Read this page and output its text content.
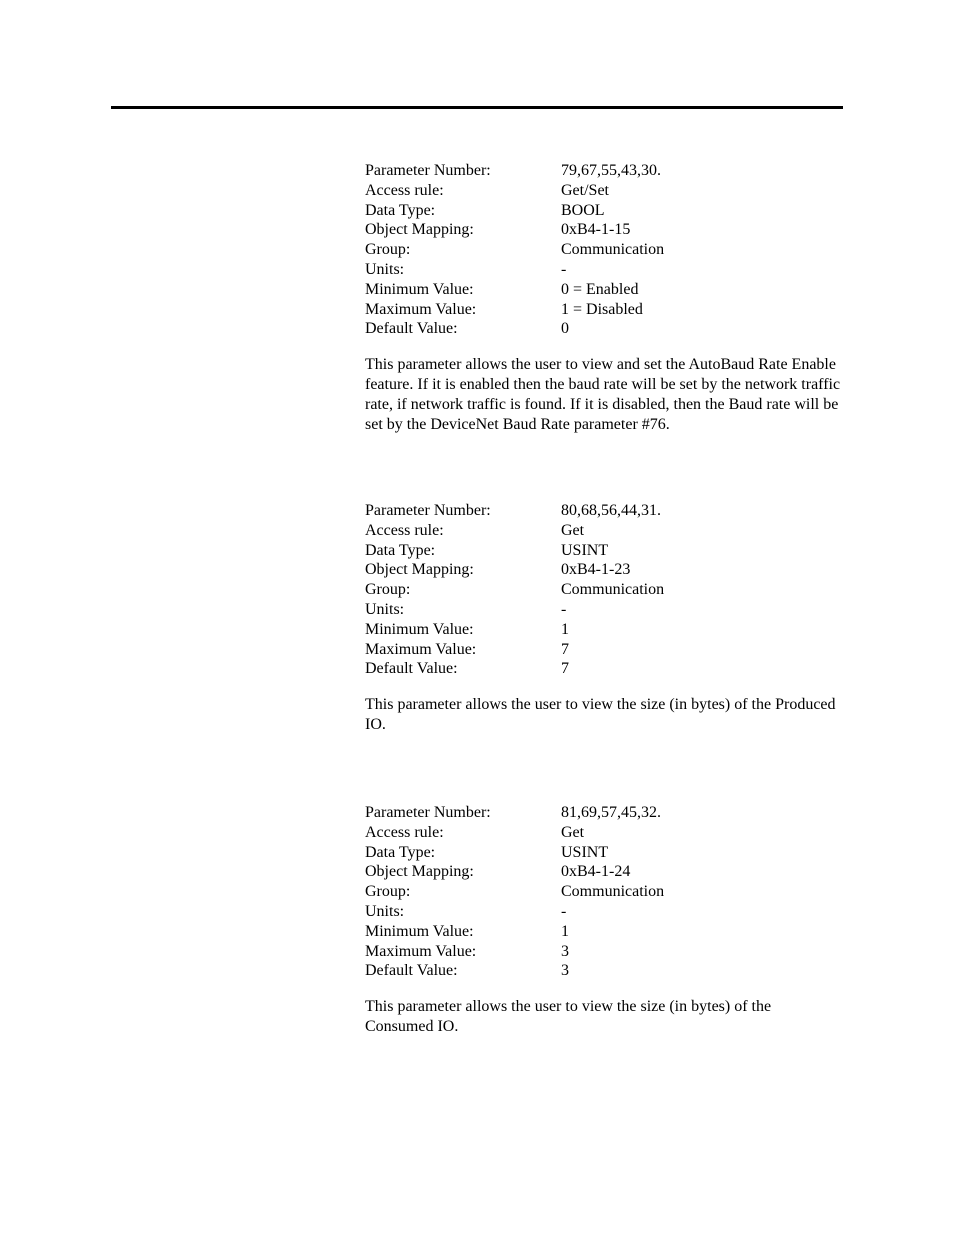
Parameter Number:	79,67,55,43,30.
Access rule:	Get/Set
Data Type:	BOOL
Object Mapping:	0xB4-1-15
Group:	Communication
Units:	-
Minimum Value:	0 = Enabled
Maximum Value:	1 = Disabled
Default Value:	0

This parameter allows the user to view and set the AutoBaud Rate Enable feature. If it is enabled then the baud rate will be set by the network traffic rate, if network traffic is found. If it is disabled, then the Baud rate will be set by the DeviceNet Baud Rate parameter #76.

Parameter Number:	80,68,56,44,31.
Access rule:	Get
Data Type:	USINT
Object Mapping:	0xB4-1-23
Group:	Communication
Units:	-
Minimum Value:	1
Maximum Value:	7
Default Value:	7

This parameter allows the user to view the size (in bytes) of the Produced IO.

Parameter Number:	81,69,57,45,32.
Access rule:	Get
Data Type:	USINT
Object Mapping:	0xB4-1-24
Group:	Communication
Units:	-
Minimum Value:	1
Maximum Value:	3
Default Value:	3

This parameter allows the user to view the size (in bytes) of the Consumed IO.
